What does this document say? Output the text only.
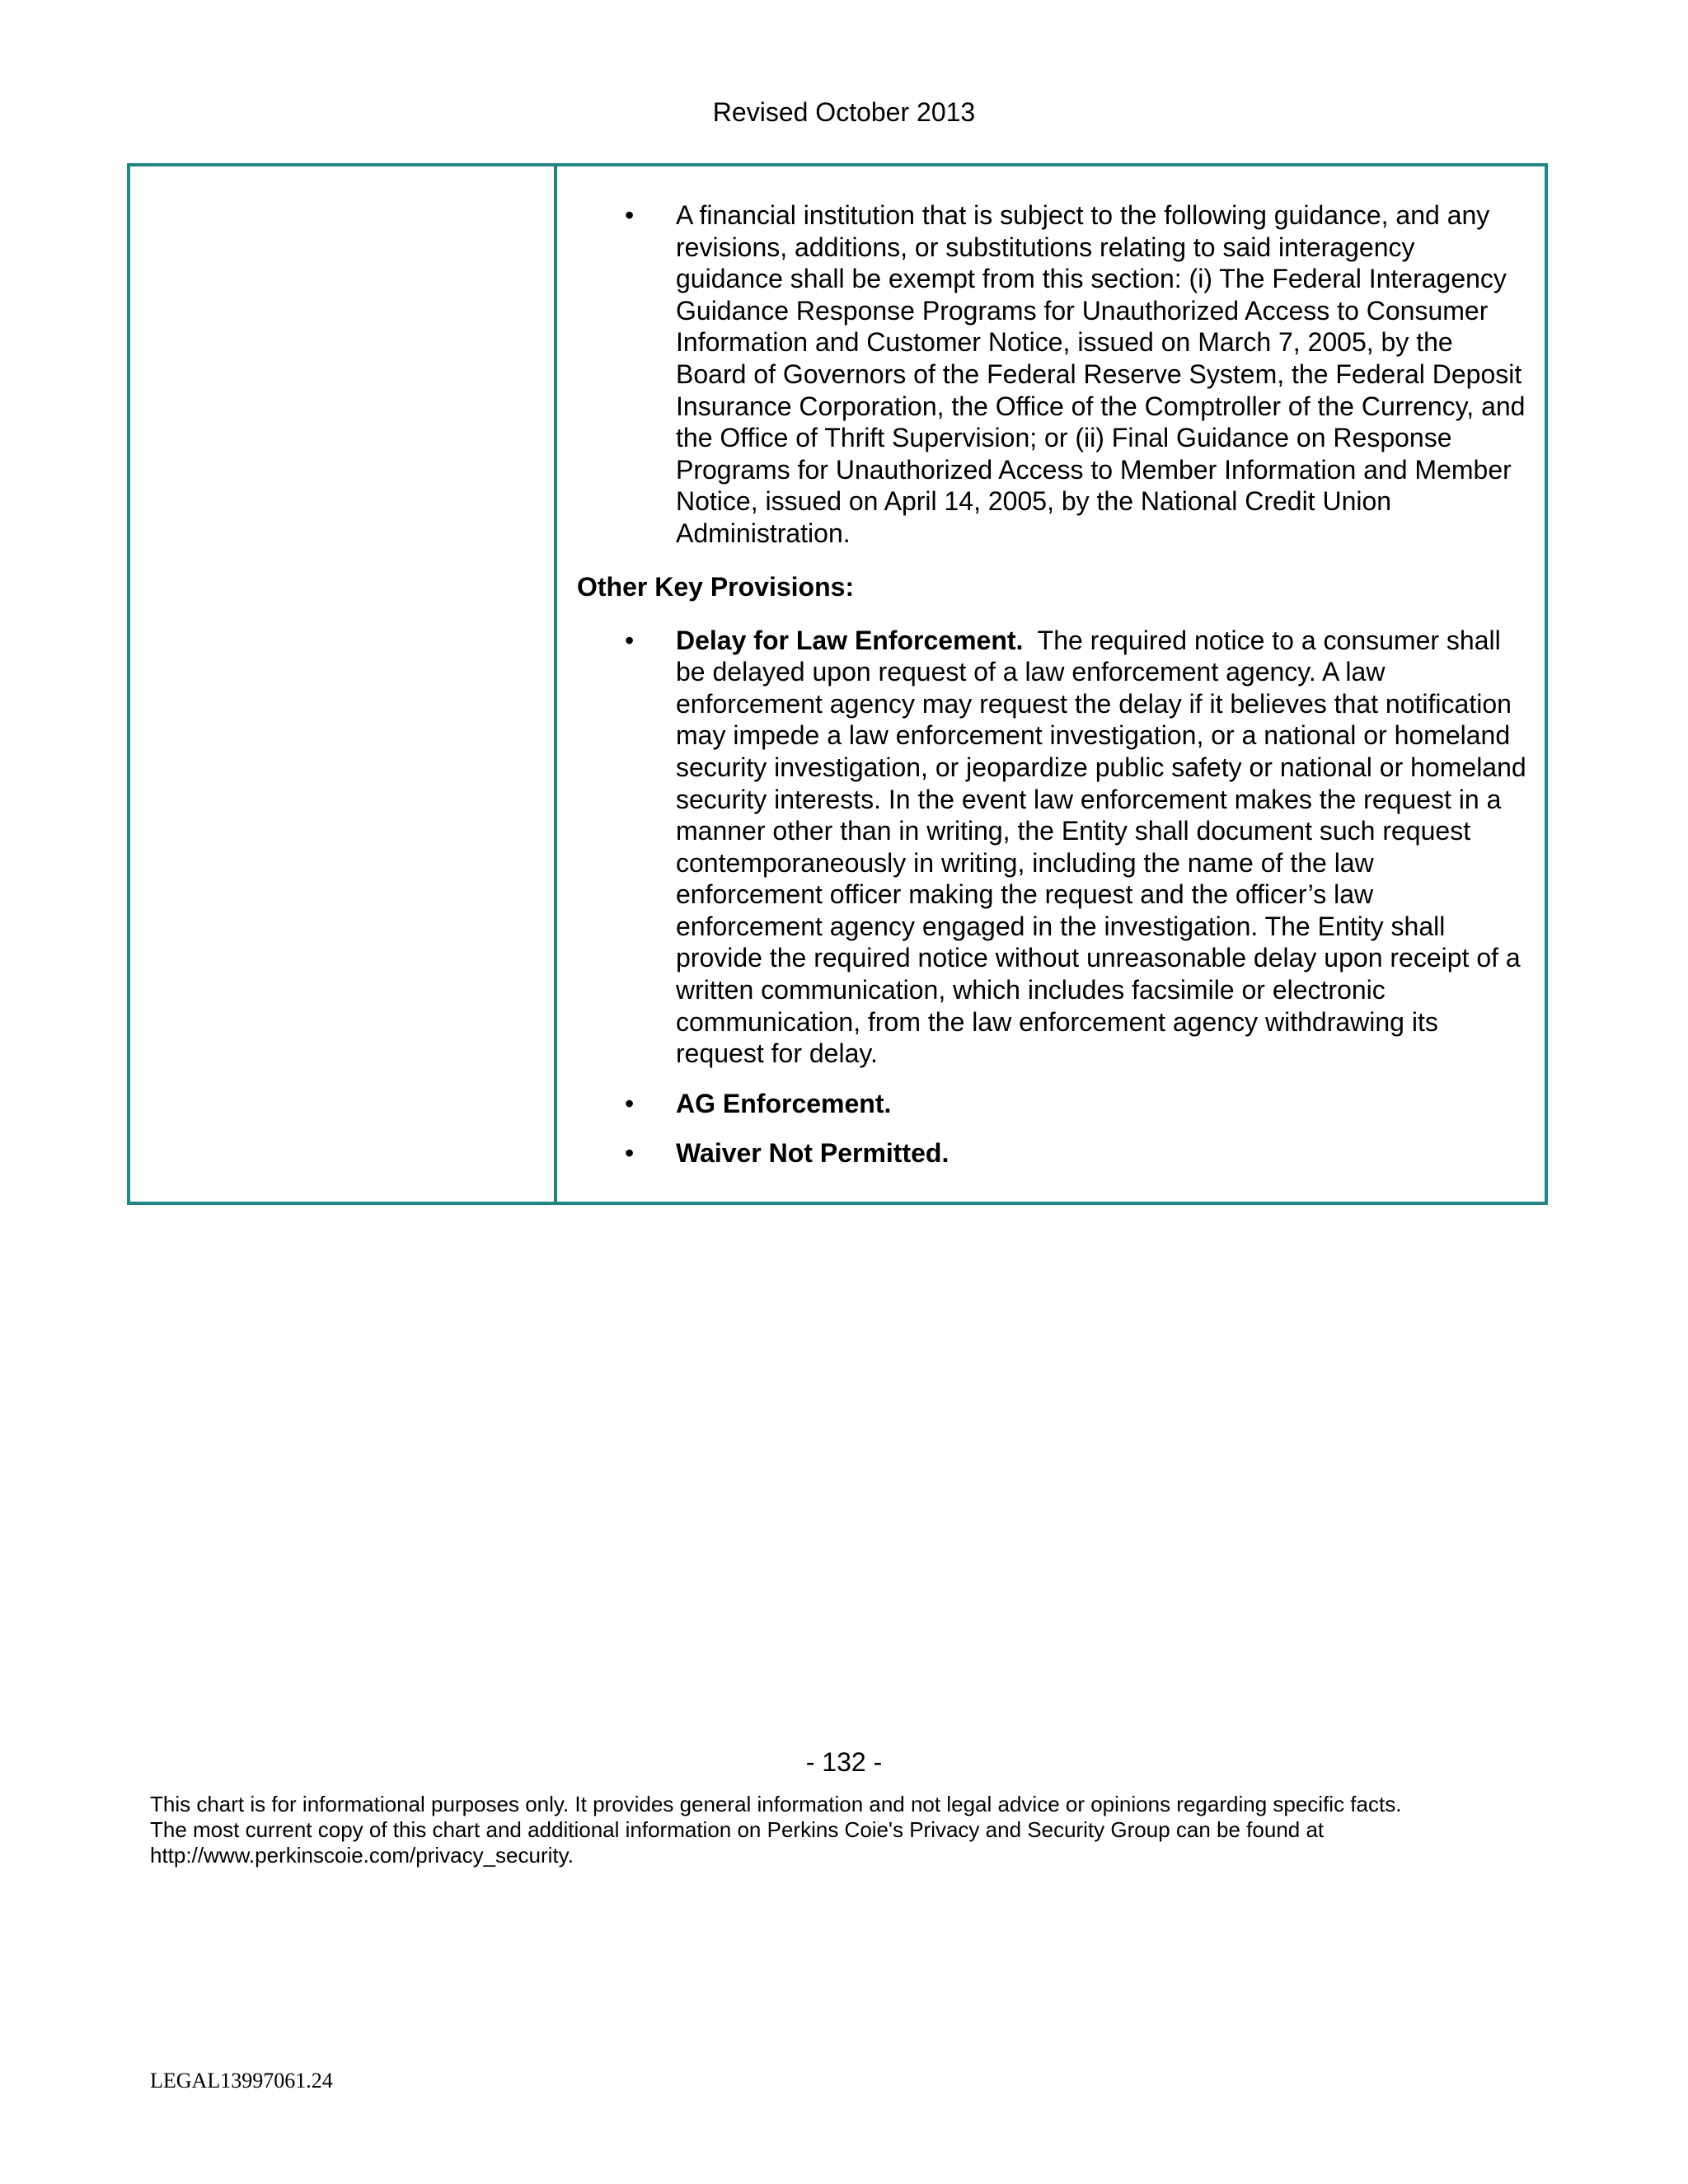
Revised October 2013
• A financial institution that is subject to the following guidance, and any revisions, additions, or substitutions relating to said interagency guidance shall be exempt from this section: (i) The Federal Interagency Guidance Response Programs for Unauthorized Access to Consumer Information and Customer Notice, issued on March 7, 2005, by the Board of Governors of the Federal Reserve System, the Federal Deposit Insurance Corporation, the Office of the Comptroller of the Currency, and the Office of Thrift Supervision; or (ii) Final Guidance on Response Programs for Unauthorized Access to Member Information and Member Notice, issued on April 14, 2005, by the National Credit Union Administration.
Other Key Provisions:
• Delay for Law Enforcement. The required notice to a consumer shall be delayed upon request of a law enforcement agency. A law enforcement agency may request the delay if it believes that notification may impede a law enforcement investigation, or a national or homeland security investigation, or jeopardize public safety or national or homeland security interests. In the event law enforcement makes the request in a manner other than in writing, the Entity shall document such request contemporaneously in writing, including the name of the law enforcement officer making the request and the officer’s law enforcement agency engaged in the investigation. The Entity shall provide the required notice without unreasonable delay upon receipt of a written communication, which includes facsimile or electronic communication, from the law enforcement agency withdrawing its request for delay.
• AG Enforcement.
• Waiver Not Permitted.
- 132 -
This chart is for informational purposes only. It provides general information and not legal advice or opinions regarding specific facts.
The most current copy of this chart and additional information on Perkins Coie's Privacy and Security Group can be found at
http://www.perkinscoie.com/privacy_security.
LEGAL13997061.24
